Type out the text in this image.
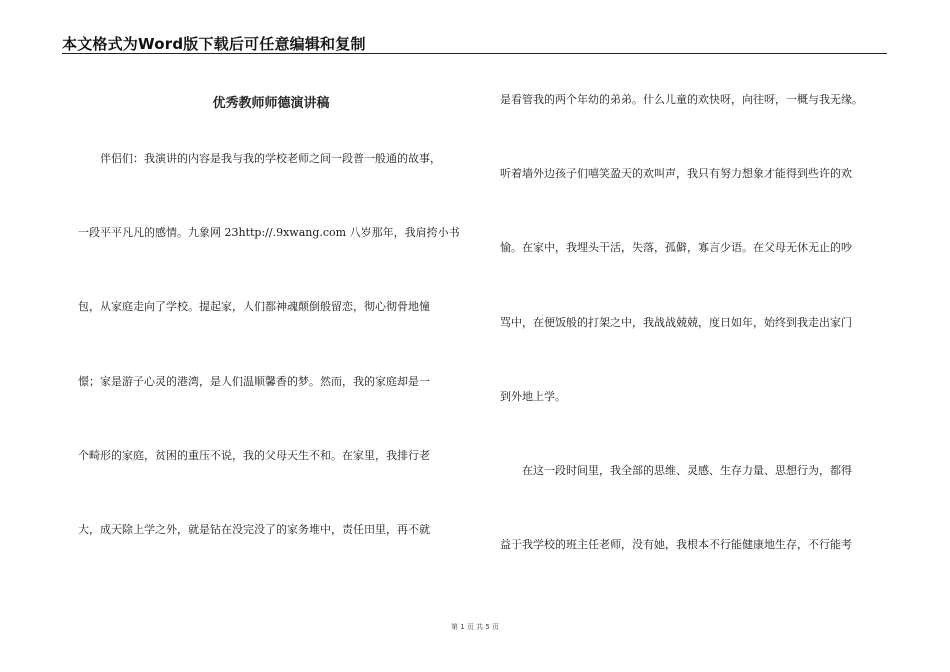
本文格式为Word版下载后可任意编辑和复制
优秀教师师德演讲稿
伴侣们：我演讲的内容是我与我的学校老师之间一段普一般通的故事，
一段平平凡凡的感情。九象网 23http://.9xwang.com 八岁那年，我肩挎小书
包，从家庭走向了学校。提起家，人们都神魂颠倒般留恋，彻心彻骨地憧
憬；家是游子心灵的港湾，是人们温顺馨香的梦。然而，我的家庭却是一
个畸形的家庭，贫困的重压不说，我的父母天生不和。在家里，我排行老
大，成天除上学之外，就是钻在没完没了的家务堆中，责任田里，再不就
是看管我的两个年幼的弟弟。什么儿童的欢快呀，向往呀，一概与我无缘。
听着墙外边孩子们嘻笑盈天的欢叫声，我只有努力想象才能得到些许的欢
愉。在家中，我埋头干活，失落，孤僻，寡言少语。在父母无休无止的吵
骂中，在便饭般的打架之中，我战战兢兢，度日如年，始终到我走出家门
到外地上学。
在这一段时间里，我全部的思维、灵感、生存力量、思想行为，都得
益于我学校的班主任老师，没有她，我根本不行能健康地生存，不行能考
第 1 页 共 5 页
